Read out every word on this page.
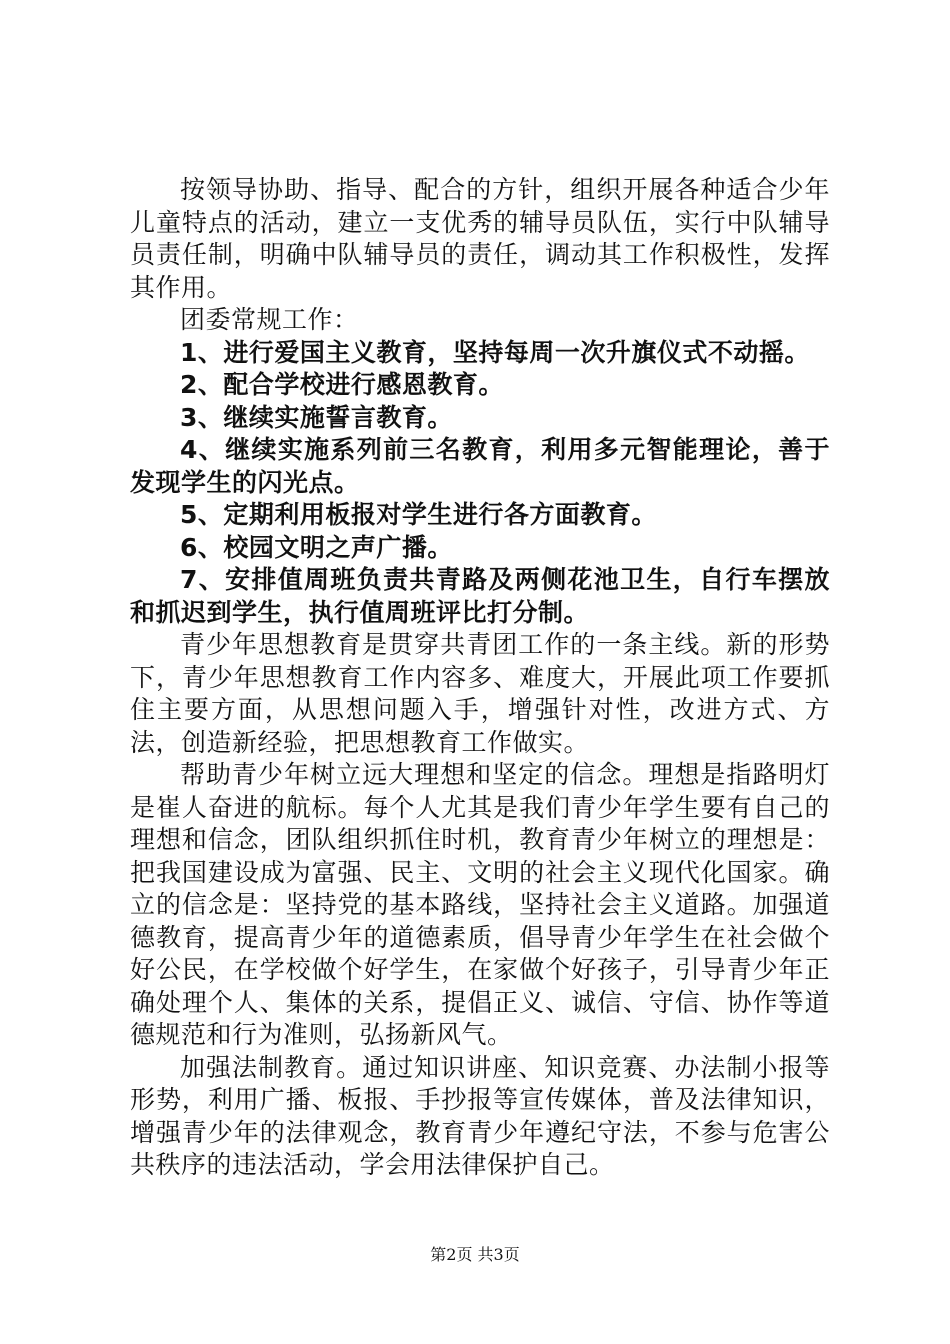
按领导协助、指导、配合的方针，组织开展各种适合少年儿童特点的活动，建立一支优秀的辅导员队伍，实行中队辅导员责任制，明确中队辅导员的责任，调动其工作积极性，发挥其作用。

团委常规工作：

1、进行爱国主义教育，坚持每周一次升旗仪式不动摇。

2、配合学校进行感恩教育。

3、继续实施誓言教育。

4、继续实施系列前三名教育，利用多元智能理论，善于发现学生的闪光点。

5、定期利用板报对学生进行各方面教育。

6、校园文明之声广播。

7、安排值周班负责共青路及两侧花池卫生，自行车摆放和抓迟到学生，执行值周班评比打分制。

青少年思想教育是贯穿共青团工作的一条主线。新的形势下，青少年思想教育工作内容多、难度大，开展此项工作要抓住主要方面，从思想问题入手，增强针对性，改进方式、方法，创造新经验，把思想教育工作做实。

帮助青少年树立远大理想和坚定的信念。理想是指路明灯是崔人奋进的航标。每个人尤其是我们青少年学生要有自己的理想和信念，团队组织抓住时机，教育青少年树立的理想是：把我国建设成为富强、民主、文明的社会主义现代化国家。确立的信念是：坚持党的基本路线，坚持社会主义道路。加强道德教育，提高青少年的道德素质，倡导青少年学生在社会做个好公民，在学校做个好学生，在家做个好孩子，引导青少年正确处理个人、集体的关系，提倡正义、诚信、守信、协作等道德规范和行为准则，弘扬新风气。

加强法制教育。通过知识讲座、知识竞赛、办法制小报等形势，利用广播、板报、手抄报等宣传媒体，普及法律知识，增强青少年的法律观念，教育青少年遵纪守法，不参与危害公共秩序的违法活动，学会用法律保护自己。

第2页 共3页
